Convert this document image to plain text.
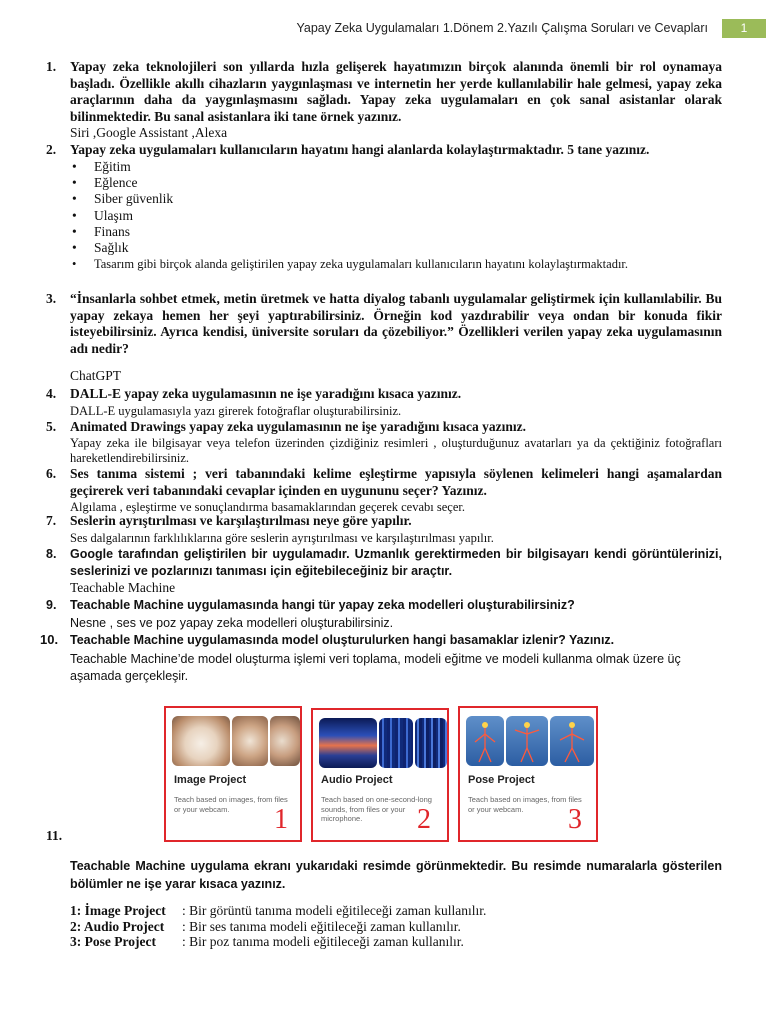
Yapay Zeka Uygulamaları 1.Dönem 2.Yazılı Çalışma Soruları ve Cevapları	1
1. Yapay zeka teknolojileri son yıllarda hızla gelişerek hayatımızın birçok alanında önemli bir rol oynamaya başladı. Özellikle akıllı cihazların yaygınlaşması ve internetin her yerde kullanılabilir hale gelmesi, yapay zeka araçlarının daha da yaygınlaşmasını sağladı. Yapay zeka uygulamaları en çok sanal asistanlar olarak bilinmektedir. Bu sanal asistanlara iki tane örnek yazınız.
Siri ,Google Assistant ,Alexa
2. Yapay zeka uygulamaları kullanıcıların hayatını hangi alanlarda kolaylaştırmaktadır. 5 tane yazınız.
• Eğitim
• Eğlence
• Siber güvenlik
• Ulaşım
• Finans
• Sağlık
• Tasarım gibi birçok alanda geliştirilen yapay zeka uygulamaları kullanıcıların hayatını kolaylaştırmaktadır.
3. “İnsanlarla sohbet etmek, metin üretmek ve hatta diyalog tabanlı uygulamalar geliştirmek için kullanılabilir. Bu yapay zekaya hemen her şeyi yaptırabilirsiniz. Örneğin kod yazdırabilir veya ondan bir konuda fikir isteyebilirsiniz. Ayrıca kendisi, üniversite soruları da çözebiliyor.” Özellikleri verilen yapay zeka uygulamasının adı nedir?
ChatGPT
4. DALL-E yapay zeka uygulamasının ne işe yaradığını kısaca yazınız.
DALL-E uygulamasıyla yazı girerek fotoğraflar oluşturabilirsiniz.
5. Animated Drawings yapay zeka uygulamasının ne işe yaradığını kısaca yazınız.
Yapay zeka ile bilgisayar veya telefon üzerinden çizdiğiniz resimleri , oluşturduğunuz avatarları ya da çektiğiniz fotoğrafları hareketlendirebilirsiniz.
6. Ses tanıma sistemi ; veri tabanındaki kelime eşleştirme yapısıyla söylenen kelimeleri hangi aşamalardan geçirerek veri tabanındaki cevaplar içinden en uygununu seçer? Yazınız.
Algılama , eşleştirme ve sonuçlandırma basamaklarından geçerek cevabı seçer.
7. Seslerin ayrıştırılması ve karşılaştırılması neye göre yapılır.
Ses dalgalarının farklılıklarına göre seslerin ayrıştırılması ve karşılaştırılması yapılır.
8. Google tarafından geliştirilen bir uygulamadır. Uzmanlık gerektirmeden bir bilgisayarı kendi görüntülerinizi, seslerinizi ve pozlarınızı tanıması için eğitebileceğiniz bir araçtır.
Teachable Machine
9. Teachable Machine uygulamasında hangi tür yapay zeka modelleri oluşturabilirsiniz?
Nesne , ses ve poz yapay zeka modelleri oluşturabilirsiniz.
10. Teachable Machine uygulamasında model oluşturulurken hangi basamaklar izlenir? Yazınız.
Teachable Machine’de model oluşturma işlemi veri toplama, modeli eğitme ve modeli kullanma olmak üzere üç aşamada gerçekleşir.
Image Project
Teach based on images, from files or your webcam.	1
Audio Project
Teach based on one-second-long sounds, from files or your microphone.	2
Pose Project
Teach based on images, from files or your webcam.	3
11.
Teachable Machine uygulama ekranı yukarıdaki resimde görünmektedir. Bu resimde numaralarla gösterilen bölümler ne işe yarar kısaca yazınız.
1: İmage Project : Bir görüntü tanıma modeli eğitileceği zaman kullanılır.
2: Audio Project : Bir ses tanıma modeli eğitileceği zaman kullanılır.
3: Pose Project : Bir poz tanıma modeli eğitileceği zaman kullanılır.
